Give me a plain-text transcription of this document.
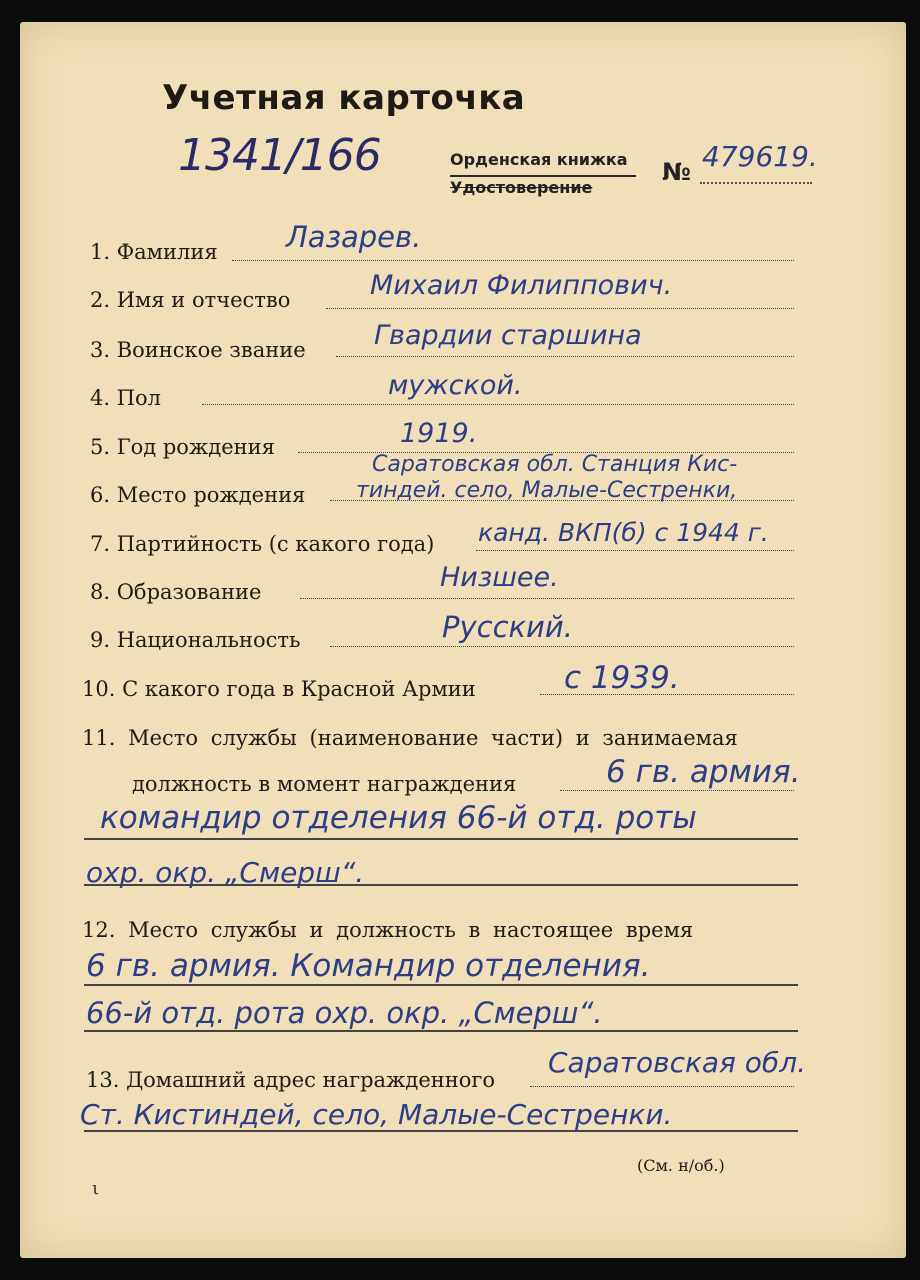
Учетная карточка
1341/166	Орденская книжка
Удостоверение
№ 479619.
1. Фамилия Лазарев.
2. Имя и отчество	Михаил Филиппович.
3. Воинское звание	Гвардии старшина
4. Пол	мужской.
5. Год рождения	1919.
6. Место рождения
Саратовская обл. Станция Кис-
тиндей. село, Малые-Сестренки,
7. Партийность (с какого года) канд. ВКП(б) с 1944 г.
8. Образование	Низшее.
9. Национальность	Русский.
10. С какого года в Красной Армии	с 1939.
11. Место службы (наименование части) и занимаемая
должность в момент награждения	6 гв. армия.
командир отделения 66-й отд. роты
охр. окр. „Смерш“.
12. Место службы и должность в настоящее время
6 гв. армия. Командир отделения.
66-й отд. рота охр. окр. „Смерш“.
13. Домашний адрес награжденного
Саратовская обл.
Ст. Кистиндей, село, Малые-Сестренки.
(См. н/об.)
ι
